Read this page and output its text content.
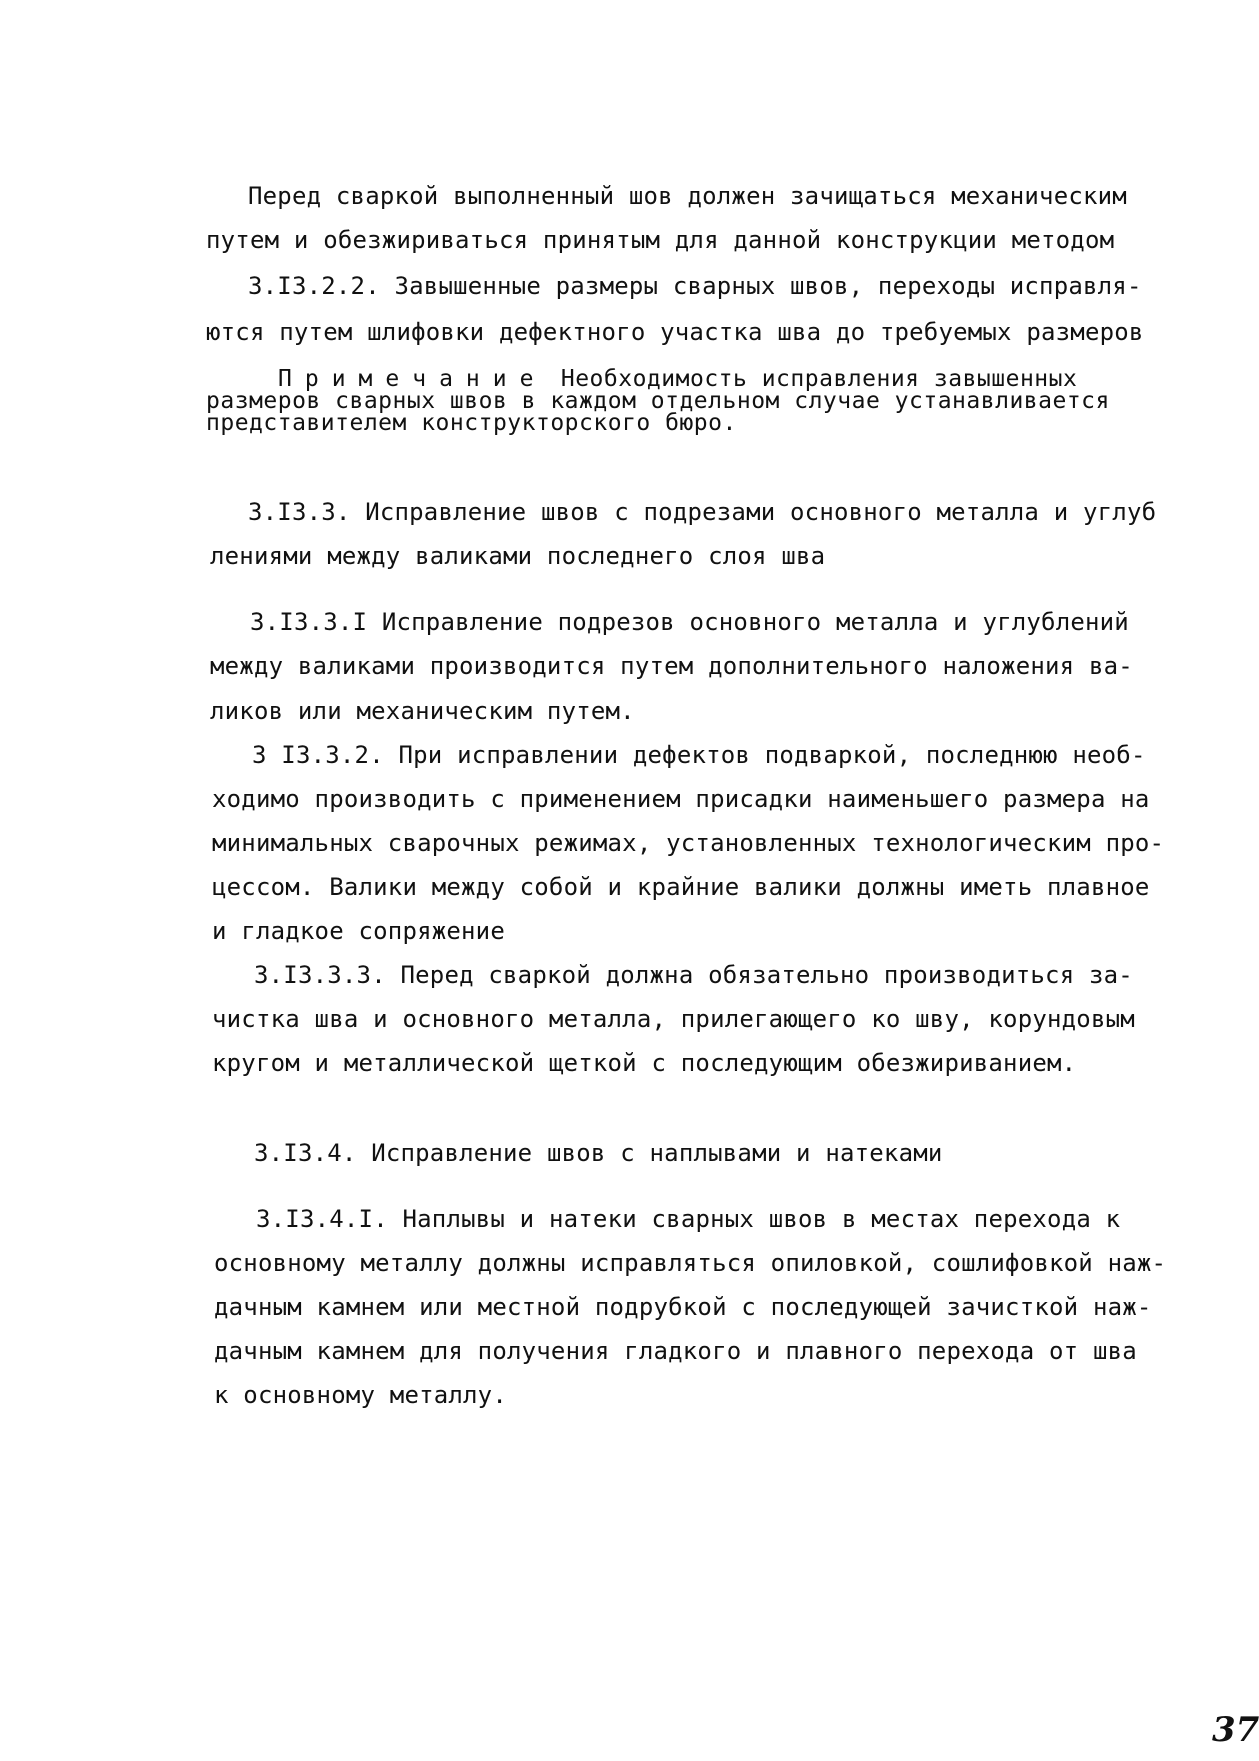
Перед сваркой выполненный шов должен зачищаться механическим
путем и обезжириваться принятым для данной конструкции методом
3.I3.2.2. Завышенные размеры сварных швов, переходы исправля-
ются путем шлифовки дефектного участка шва до требуемых размеров
Примечание Необходимость исправления завышенных
размеров сварных швов в каждом отдельном случае устанавливается
представителем конструкторского бюро.
3.I3.3. Исправление швов с подрезами основного металла и углуб
лениями между валиками последнего слоя шва
3.I3.3.I Исправление подрезов основного металла и углублений
между валиками производится путем дополнительного наложения ва-
ликов или механическим путем.
3 I3.3.2. При исправлении дефектов подваркой, последнюю необ-
ходимо производить с применением присадки наименьшего размера на
минимальных сварочных режимах, установленных технологическим про-
цессом. Валики между собой и крайние валики должны иметь плавное
и гладкое сопряжение
3.I3.3.3. Перед сваркой должна обязательно производиться за-
чистка шва и основного металла, прилегающего ко шву, корундовым
кругом и металлической щеткой с последующим обезжириванием.
3.I3.4. Исправление швов с наплывами и натеками
3.I3.4.I. Наплывы и натеки сварных швов в местах перехода к
основному металлу должны исправляться опиловкой, сошлифовкой наж-
дачным камнем или местной подрубкой с последующей зачисткой наж-
дачным камнем для получения гладкого и плавного перехода от шва
к основному металлу.
37
